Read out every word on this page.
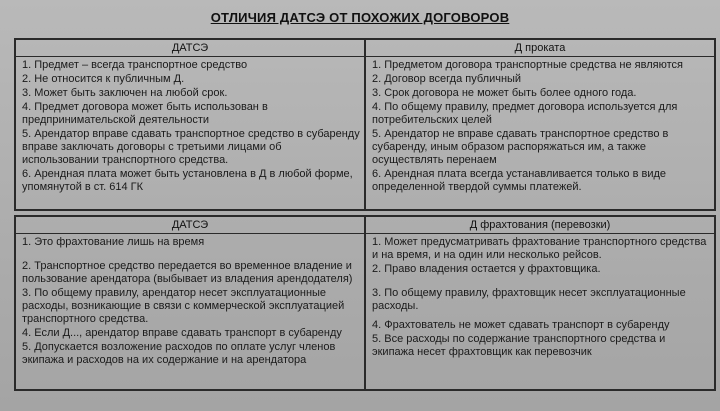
ОТЛИЧИЯ ДАТСЭ ОТ ПОХОЖИХ ДОГОВОРОВ
ДАТСЭ
1. Предмет – всегда транспортное средство
2. Не относится к публичным Д.
3. Может быть заключен на любой срок.
4. Предмет договора может быть использован в предпринимательской деятельности
5. Арендатор вправе сдавать транспортное средство в субаренду вправе заключать договоры с третьими лицами об использовании транспортного средства.
6. Арендная плата может быть установлена в Д в любой форме, упомянутой в ст. 614 ГК
Д проката
1. Предметом договора транспортные средства не являются
2. Договор всегда публичный
3. Срок договора не может быть более одного года.
4. По общему правилу, предмет договора используется для потребительских целей
5. Арендатор не вправе сдавать транспортное средство в субаренду, иным образом распоряжаться им, а также осуществлять перенаем
6. Арендная плата всегда устанавливается только в виде определенной твердой суммы платежей.
ДАТСЭ
1. Это фрахтование лишь на время
2. Транспортное средство передается во временное владение и пользование арендатора (выбывает из владения арендодателя)
3. По общему правилу, арендатор несет эксплуатационные расходы, возникающие в связи с коммерческой эксплуатацией транспортного средства.
4. Если Д..., арендатор вправе сдавать транспорт в субаренду
5. Допускается возложение расходов по оплате услуг членов экипажа и расходов на их содержание и на арендатора
Д фрахтования (перевозки)
1. Может предусматривать фрахтование транспортного средства и на время, и на один или несколько рейсов.
2. Право владения остается у фрахтовщика.
3. По общему правилу, фрахтовщик несет эксплуатационные расходы.
4. Фрахтователь не может сдавать транспорт в субаренду
5. Все расходы по содержание транспортного средства и экипажа несет фрахтовщик как перевозчик
